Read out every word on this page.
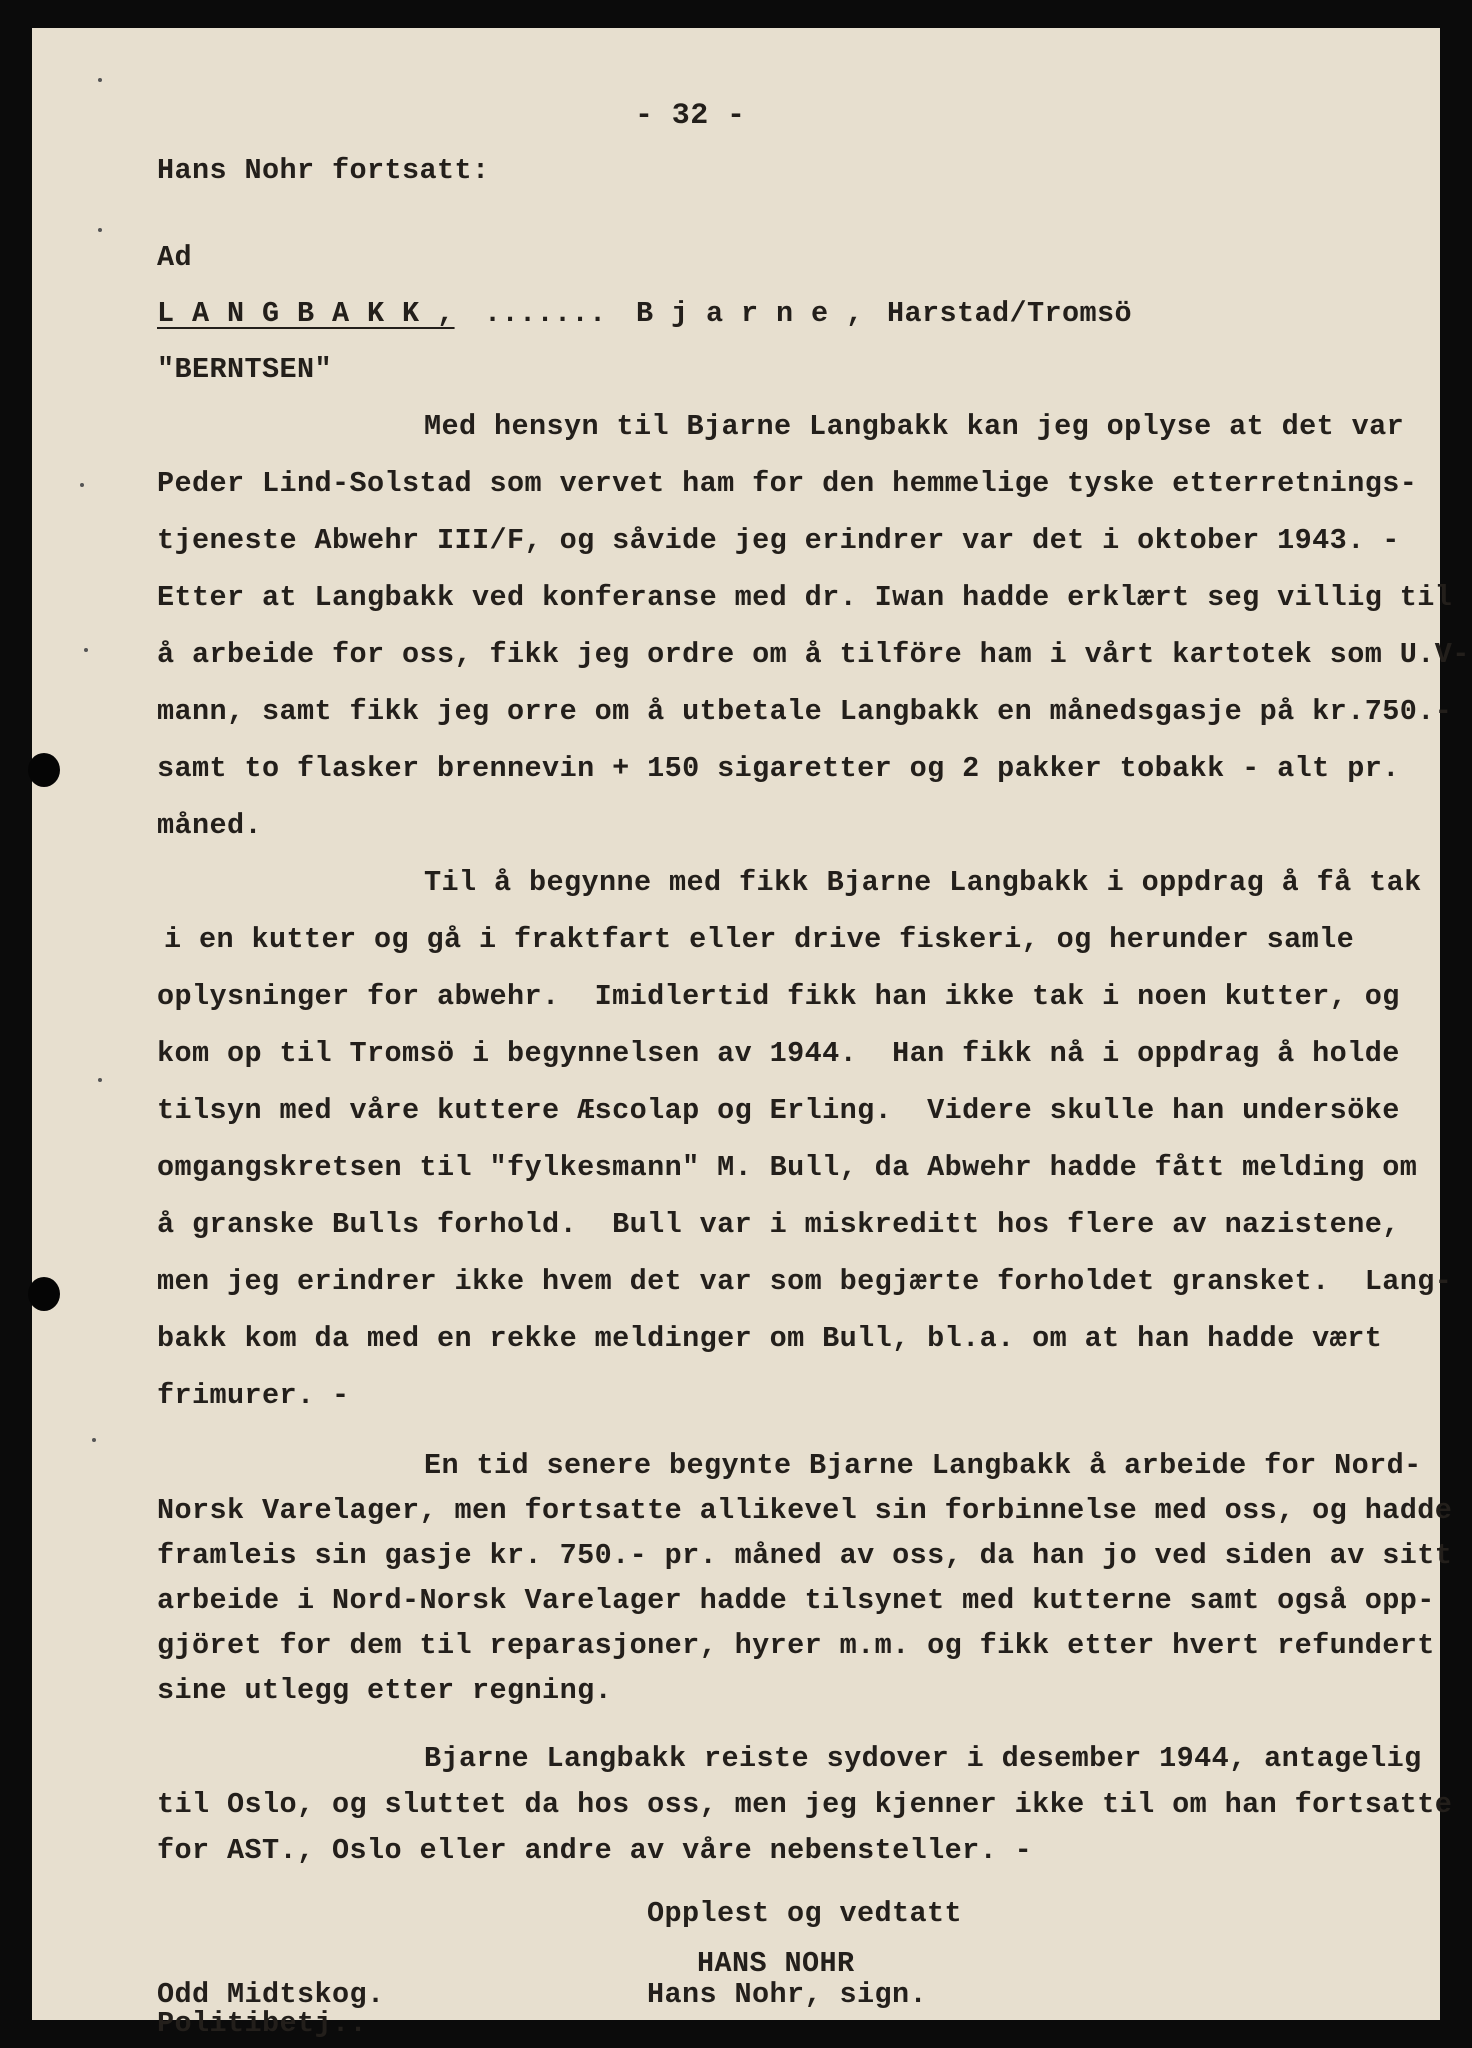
- 32 -
Hans Nohr fortsatt:
Ad
L A N G B A K K , ....... B j a r n e , Harstad/Tromsö
"BERNTSEN"
Med hensyn til Bjarne Langbakk kan jeg oplyse at det var
Peder Lind-Solstad som vervet ham for den hemmelige tyske etterretnings-
tjeneste Abwehr III/F, og såvide jeg erindrer var det i oktober 1943. -
Etter at Langbakk ved konferanse med dr. Iwan hadde erklært seg villig til
å arbeide for oss, fikk jeg ordre om å tilföre ham i vårt kartotek som U.V-
mann, samt fikk jeg orre om å utbetale Langbakk en månedsgasje på kr.750.-
samt to flasker brennevin + 150 sigaretter og 2 pakker tobakk - alt pr.
måned.
Til å begynne med fikk Bjarne Langbakk i oppdrag å få tak
i en kutter og gå i fraktfart eller drive fiskeri, og herunder samle
oplysninger for abwehr.  Imidlertid fikk han ikke tak i noen kutter, og
kom op til Tromsö i begynnelsen av 1944.  Han fikk nå i oppdrag å holde
tilsyn med våre kuttere Æscolap og Erling.  Videre skulle han undersöke
omgangskretsen til "fylkesmann" M. Bull, da Abwehr hadde fått melding om
å granske Bulls forhold.  Bull var i miskreditt hos flere av nazistene,
men jeg erindrer ikke hvem det var som begjærte forholdet gransket.  Lang-
bakk kom da med en rekke meldinger om Bull, bl.a. om at han hadde vært
frimurer. -
En tid senere begynte Bjarne Langbakk å arbeide for Nord-
Norsk Varelager, men fortsatte allikevel sin forbinnelse med oss, og hadde
framleis sin gasje kr. 750.- pr. måned av oss, da han jo ved siden av sitt
arbeide i Nord-Norsk Varelager hadde tilsynet med kutterne samt også opp-
gjöret for dem til reparasjoner, hyrer m.m. og fikk etter hvert refundert
sine utlegg etter regning.
Bjarne Langbakk reiste sydover i desember 1944, antagelig
til Oslo, og sluttet da hos oss, men jeg kjenner ikke til om han fortsatte
for AST., Oslo eller andre av våre nebensteller. -
Opplest og vedtatt
HANS NOHR
Hans Nohr, sign.
Odd Midtskog.
Politibetj..
